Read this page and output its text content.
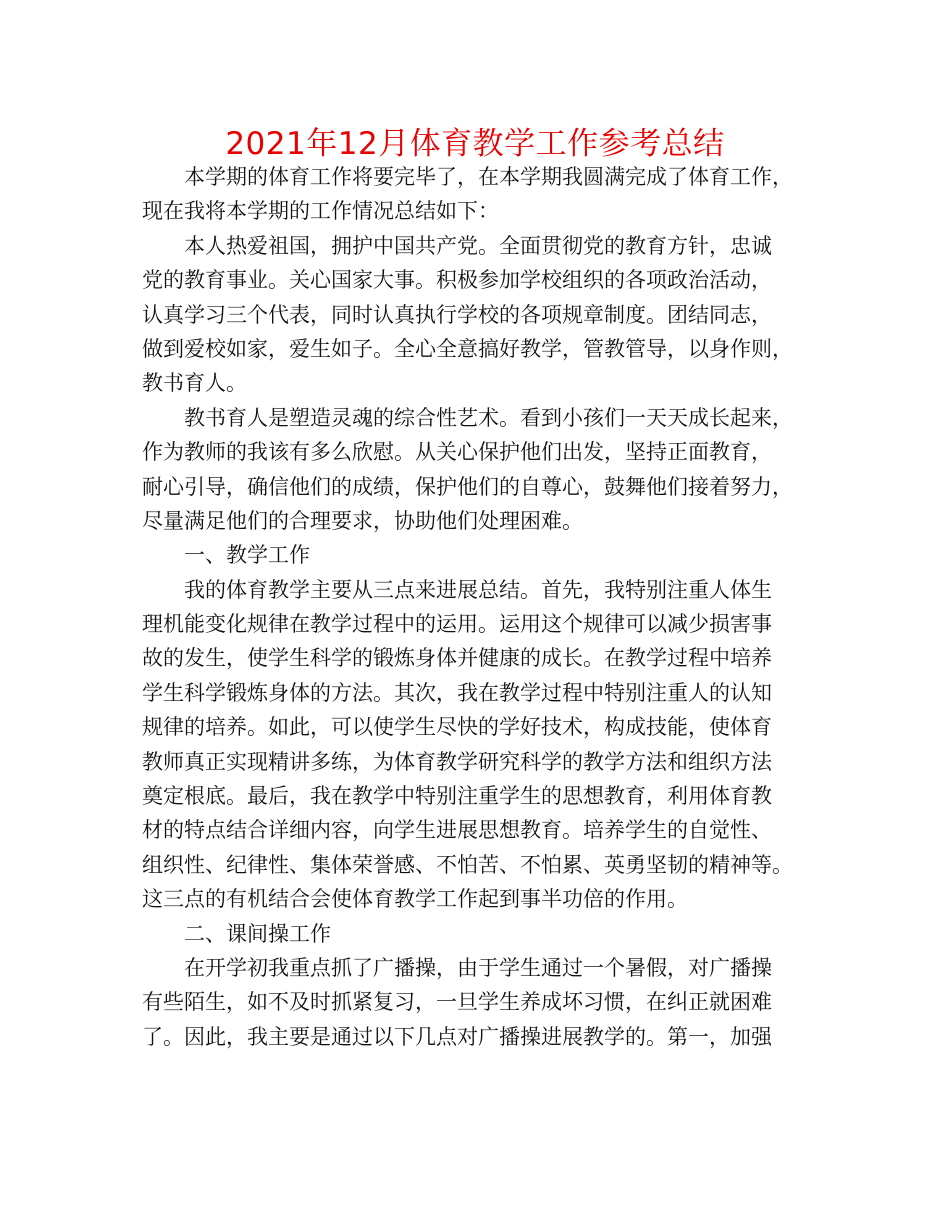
2021年12月体育教学工作参考总结
本学期的体育工作将要完毕了，在本学期我圆满完成了体育工作，
现在我将本学期的工作情况总结如下：
本人热爱祖国，拥护中国共产党。全面贯彻党的教育方针，忠诚
党的教育事业。关心国家大事。积极参加学校组织的各项政治活动，
认真学习三个代表，同时认真执行学校的各项规章制度。团结同志，
做到爱校如家，爱生如子。全心全意搞好教学，管教管导，以身作则，
教书育人。
教书育人是塑造灵魂的综合性艺术。看到小孩们一天天成长起来，
作为教师的我该有多么欣慰。从关心保护他们出发，坚持正面教育，
耐心引导，确信他们的成绩，保护他们的自尊心，鼓舞他们接着努力，
尽量满足他们的合理要求，协助他们处理困难。
一、教学工作
我的体育教学主要从三点来进展总结。首先，我特别注重人体生
理机能变化规律在教学过程中的运用。运用这个规律可以减少损害事
故的发生，使学生科学的锻炼身体并健康的成长。在教学过程中培养
学生科学锻炼身体的方法。其次，我在教学过程中特别注重人的认知
规律的培养。如此，可以使学生尽快的学好技术，构成技能，使体育
教师真正实现精讲多练，为体育教学研究科学的教学方法和组织方法
奠定根底。最后，我在教学中特别注重学生的思想教育，利用体育教
材的特点结合详细内容，向学生进展思想教育。培养学生的自觉性、
组织性、纪律性、集体荣誉感、不怕苦、不怕累、英勇坚韧的精神等。
这三点的有机结合会使体育教学工作起到事半功倍的作用。
二、课间操工作
在开学初我重点抓了广播操，由于学生通过一个暑假，对广播操
有些陌生，如不及时抓紧复习，一旦学生养成坏习惯，在纠正就困难
了。因此，我主要是通过以下几点对广播操进展教学的。第一，加强
